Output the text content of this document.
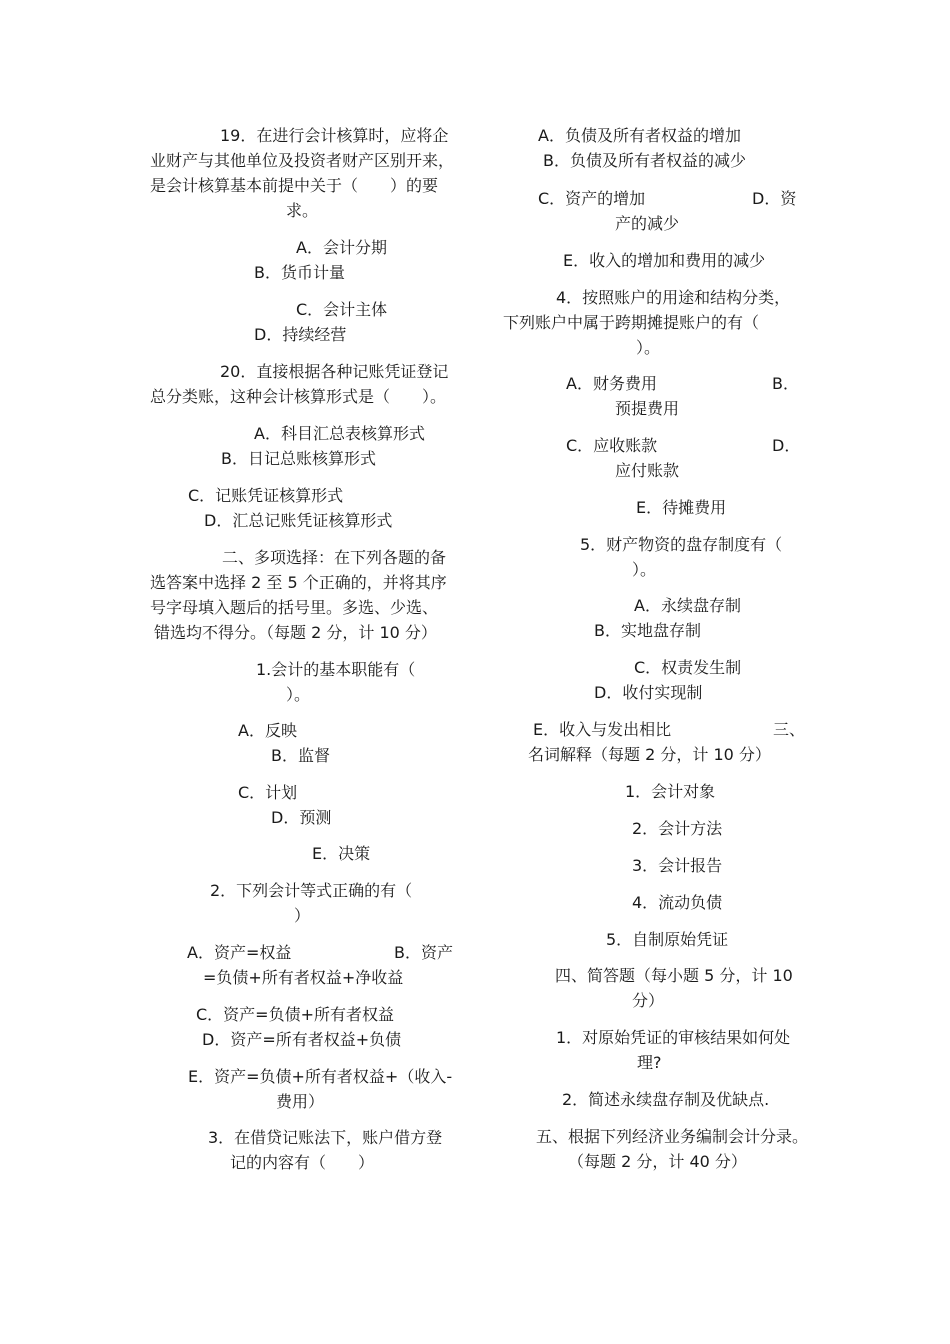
19．在进行会计核算时，应将企
业财产与其他单位及投资者财产区别开来，
是会计核算基本前提中关于（　　）的要
求。
A．会计分期
B．货币计量
C．会计主体
D．持续经营
20．直接根据各种记账凭证登记
总分类账，这种会计核算形式是（　　）。
A．科目汇总表核算形式
B．日记总账核算形式
C．记账凭证核算形式
D．汇总记账凭证核算形式
二、多项选择：在下列各题的备
选答案中选择 2 至 5 个正确的，并将其序
号字母填入题后的括号里。多选、少选、
错选均不得分。（每题 2 分，计 10 分）
1.会计的基本职能有（
）。
A．反映
B．监督
C．计划
D．预测
E．决策
2．下列会计等式正确的有（
）
A．资产=权益	B．资产
=负债+所有者权益+净收益
C．资产=负债+所有者权益
D．资产=所有者权益+负债
E．资产=负债+所有者权益+（收入-
费用）
3．在借贷记账法下，账户借方登
记的内容有（　　）
A．负债及所有者权益的增加
B．负债及所有者权益的减少
C．资产的增加	D．资
产的减少
E．收入的增加和费用的减少
4．按照账户的用途和结构分类，
下列账户中属于跨期摊提账户的有（
）。
A．财务费用	B．
预提费用
C．应收账款	D．
应付账款
E．待摊费用
5．财产物资的盘存制度有（
）。
A．永续盘存制
B．实地盘存制
C．权责发生制
D．收付实现制
E．收入与发出相比	三、
名词解释（每题 2 分，计 10 分）
1．会计对象
2．会计方法
3．会计报告
4．流动负债
5．自制原始凭证
四、简答题（每小题 5 分，计 10
分）
1．对原始凭证的审核结果如何处
理?
2．简述永续盘存制及优缺点.
五、根据下列经济业务编制会计分录。
（每题 2 分，计 40 分）
